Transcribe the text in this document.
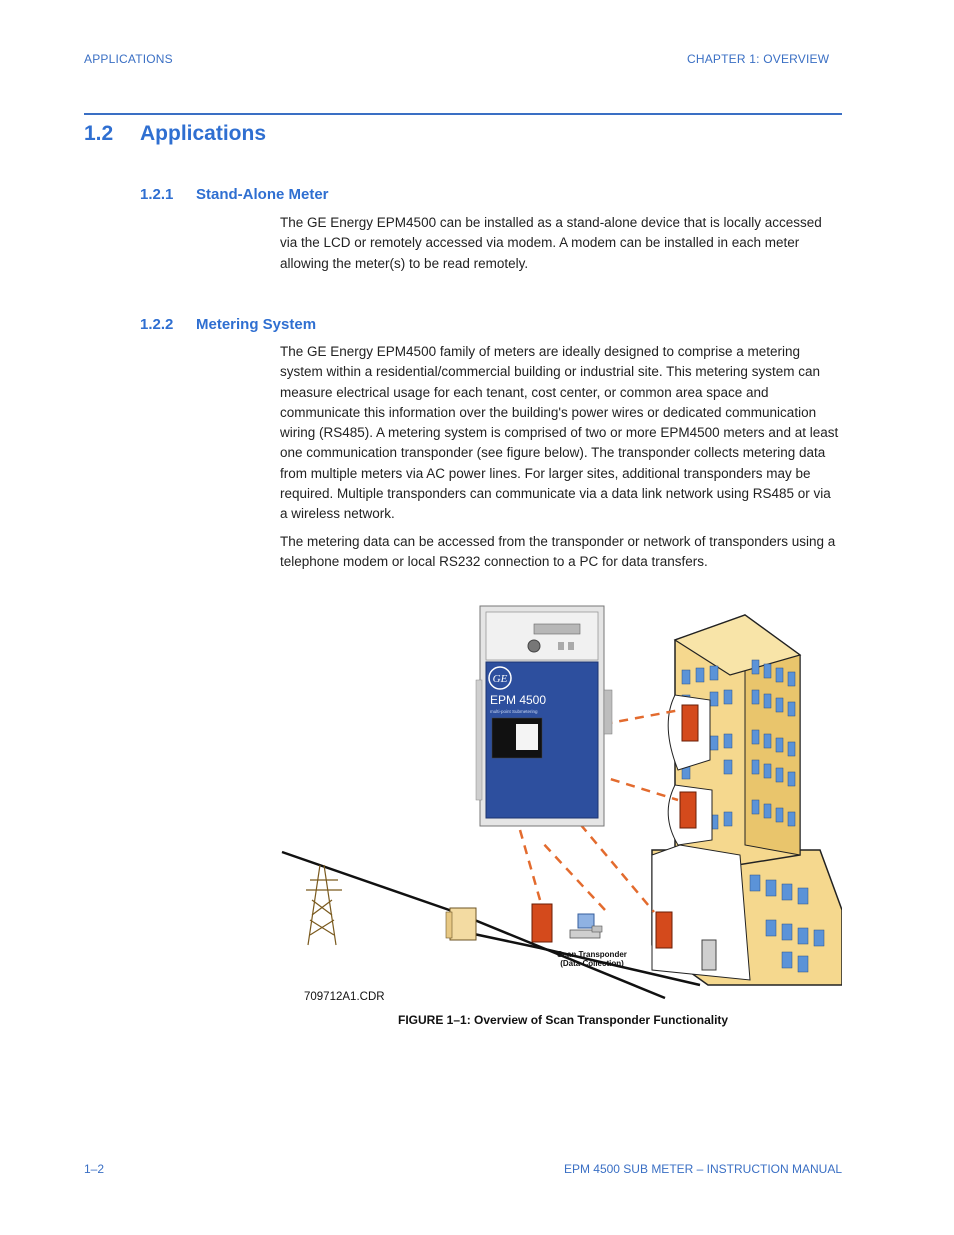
APPLICATIONS	CHAPTER 1: OVERVIEW
1.2 Applications
1.2.1 Stand-Alone Meter

The GE Energy EPM4500 can be installed as a stand-alone device that is locally accessed via the LCD or remotely accessed via modem. A modem can be installed in each meter allowing the meter(s) to be read remotely.

1.2.2 Metering System

The GE Energy EPM4500 family of meters are ideally designed to comprise a metering system within a residential/commercial building or industrial site. This metering system can measure electrical usage for each tenant, cost center, or common area space and communicate this information over the building's power wires or dedicated communication wiring (RS485). A metering system is comprised of two or more EPM4500 meters and at least one communication transponder (see figure below). The transponder collects metering data from multiple meters via AC power lines. For larger sites, additional transponders may be required. Multiple transponders can communicate via a data link network using RS485 or via a wireless network.

The metering data can be accessed from the transponder or network of transponders using a telephone modem or local RS232 connection to a PC for data transfers.

GE
EPM 4500
multi-point Submetering
Scan Transponder
(Data Collection)
709712A1.CDR
FIGURE 1–1: Overview of Scan Transponder Functionality
1–2	EPM 4500 SUB METER – INSTRUCTION MANUAL
